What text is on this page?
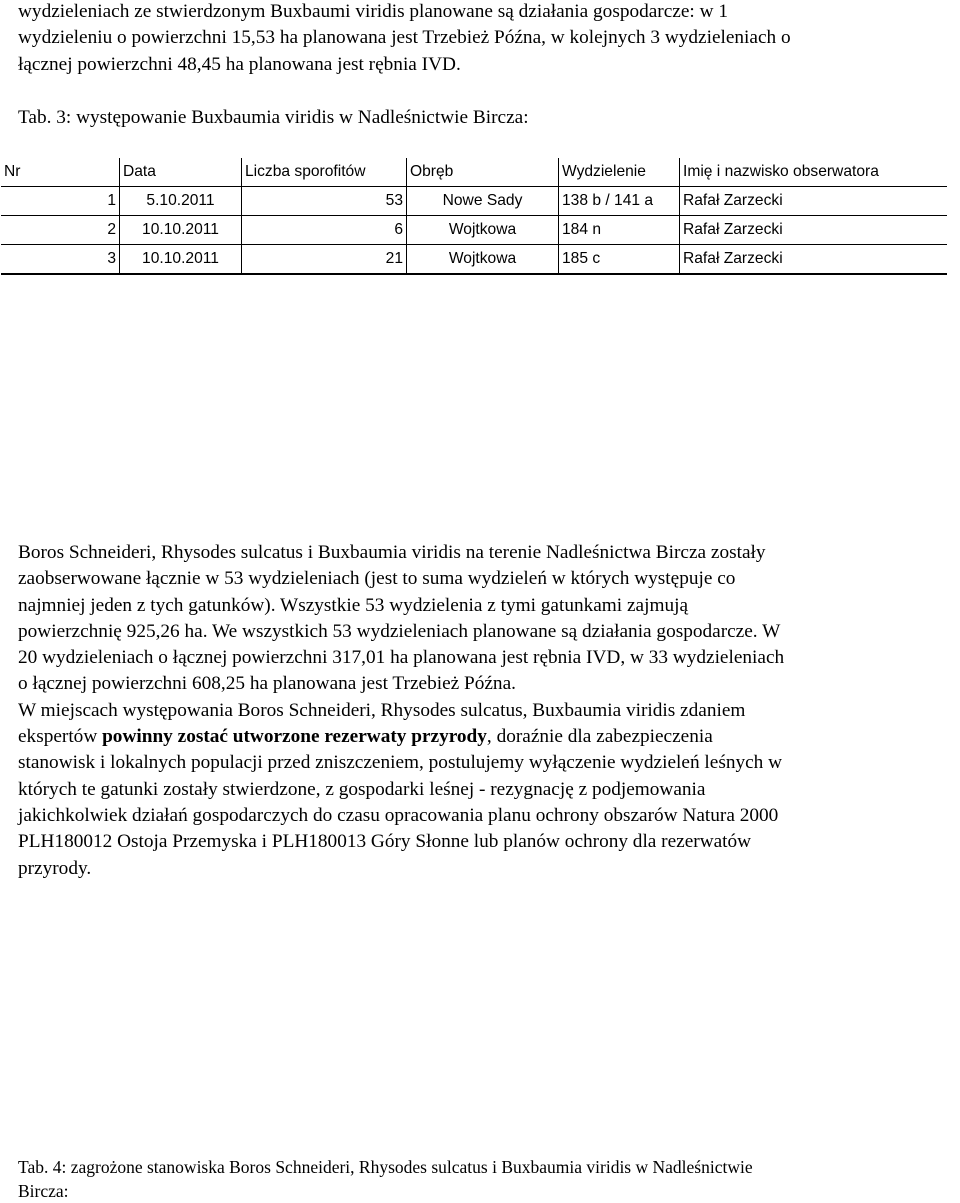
wydzieleniach ze stwierdzonym Buxbaumi viridis planowane są działania gospodarcze: w 1

wydzieleniu o powierzchni 15,53 ha planowana jest Trzebież Późna, w kolejnych 3 wydzieleniach o

łącznej powierzchni 48,45 ha planowana jest rębnia IVD.

Tab. 3: występowanie Buxbaumia viridis w Nadleśnictwie Bircza:
Nr	Data	Liczba sporofitów	Obręb	Wydzielenie	Imię i nazwisko obserwatora
1	5.10.2011	53	Nowe Sady	138 b / 141 a	Rafał Zarzecki
2	10.10.2011	6	Wojtkowa	184 n	Rafał Zarzecki
3	10.10.2011	21	Wojtkowa	185 c	Rafał Zarzecki

Boros Schneideri, Rhysodes sulcatus i Buxbaumia viridis na terenie Nadleśnictwa Bircza zostały

zaobserwowane łącznie w 53 wydzieleniach (jest to suma wydzieleń w których występuje co

najmniej jeden z tych gatunków). Wszystkie 53 wydzielenia z tymi gatunkami zajmują

powierzchnię 925,26 ha. We wszystkich 53 wydzieleniach planowane są działania gospodarcze. W

20 wydzieleniach o łącznej powierzchni 317,01 ha planowana jest rębnia IVD, w 33 wydzieleniach

o łącznej powierzchni 608,25 ha planowana jest Trzebież Późna.

W miejscach występowania Boros Schneideri, Rhysodes sulcatus, Buxbaumia viridis zdaniem

ekspertów powinny zostać utworzone rezerwaty przyrody, doraźnie dla zabezpieczenia

stanowisk i lokalnych populacji przed zniszczeniem, postulujemy wyłączenie wydzieleń leśnych w

których te gatunki zostały stwierdzone, z gospodarki leśnej - rezygnację z podjemowania

jakichkolwiek działań gospodarczych do czasu opracowania planu ochrony obszarów Natura 2000

PLH180012 Ostoja Przemyska i PLH180013 Góry Słonne lub planów ochrony dla rezerwatów

przyrody.

Tab. 4: zagrożone stanowiska Boros Schneideri, Rhysodes sulcatus i Buxbaumia viridis w Nadleśnictwie
Bircza:
